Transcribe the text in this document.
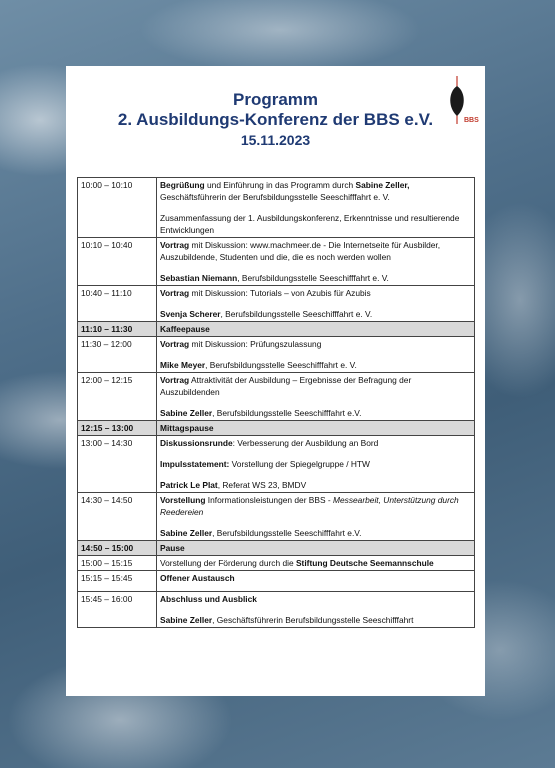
BBS
Programm
2. Ausbildungs-Konferenz der BBS e.V.
15.11.2023
10:00 – 10:10	Begrüßung und Einführung in das Programm durch Sabine Zeller,
Geschäftsführerin der Berufsbildungsstelle Seeschifffahrt e. V.

Zusammenfassung der 1. Ausbildungskonferenz, Erkenntnisse und resultierende Entwicklungen

10:10 – 10:40	Vortrag mit Diskussion: www.machmeer.de - Die Internetseite für Ausbilder, Auszubildende, Studenten und die, die es noch werden wollen

Sebastian Niemann, Berufsbildungsstelle Seeschifffahrt e. V.

10:40 – 11:10	Vortrag mit Diskussion: Tutorials – von Azubis für Azubis

Svenja Scherer, Berufsbildungsstelle Seeschifffahrt e. V.

11:10 – 11:30	Kaffeepause
11:30 – 12:00	Vortrag mit Diskussion: Prüfungszulassung

Mike Meyer, Berufsbildungsstelle Seeschifffahrt e. V.

12:00 – 12:15	Vortrag Attraktivität der Ausbildung – Ergebnisse der Befragung der Auszubildenden

Sabine Zeller, Berufsbildungsstelle Seeschifffahrt e.V.

12:15 – 13:00	Mittagspause
13:00 – 14:30	Diskussionsrunde: Verbesserung der Ausbildung an Bord

Impulsstatement: Vorstellung der Spiegelgruppe / HTW

Patrick Le Plat, Referat WS 23, BMDV

14:30 – 14:50	Vorstellung Informationsleistungen der BBS - Messearbeit, Unterstützung durch Reedereien

Sabine Zeller, Berufsbildungsstelle Seeschifffahrt e.V.

14:50 – 15:00	Pause
15:00 – 15:15	Vorstellung der Förderung durch die Stiftung Deutsche Seemannschule

15:15 – 15:45	Offener Austausch

15:45 – 16:00	Abschluss und Ausblick

Sabine Zeller, Geschäftsführerin Berufsbildungsstelle Seeschifffahrt
